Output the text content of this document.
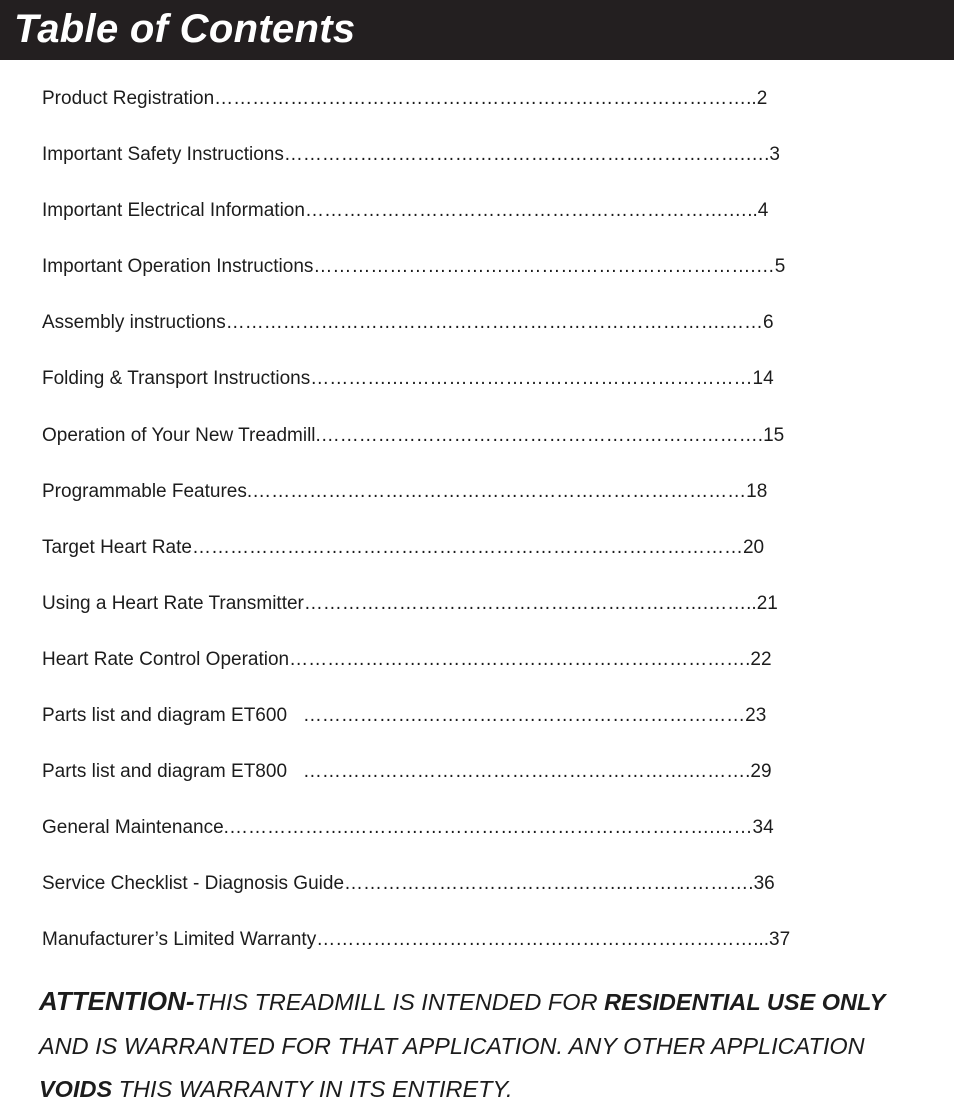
Table of Contents
Product Registration…………………………………………………………………………..2
Important Safety Instructions……………………………………………………………….….3
Important Electrical Information………………………………………………………….…..4
Important Operation Instructions…………………………………………………………….…5
Assembly instructions…………………………………………………………………….……6
Folding & Transport Instructions………….…………………………………………………14
Operation of Your New Treadmill.…………………………………………………………….15
Programmable Features.……………………………………………………………………18
Target Heart Rate……………………………………………………………………………20
Using a Heart Rate Transmitter……………………………………………………….……..21
Heart Rate Control Operation……………………………………………………………….22
Parts list and diagram ET600   ……………….……………………………………………23
Parts list and diagram ET800   …………………………………………………….……….29
General Maintenance.……………….………………………………………………….……34
Service Checklist - Diagnosis Guide…………………………………….………………….36
Manufacturer’s Limited Warranty……………………………………………………………...37

ATTENTION-THIS TREADMILL IS INTENDED FOR RESIDENTIAL USE ONLY AND IS WARRANTED FOR THAT APPLICATION. ANY OTHER APPLICATION VOIDS THIS WARRANTY IN ITS ENTIRETY.
